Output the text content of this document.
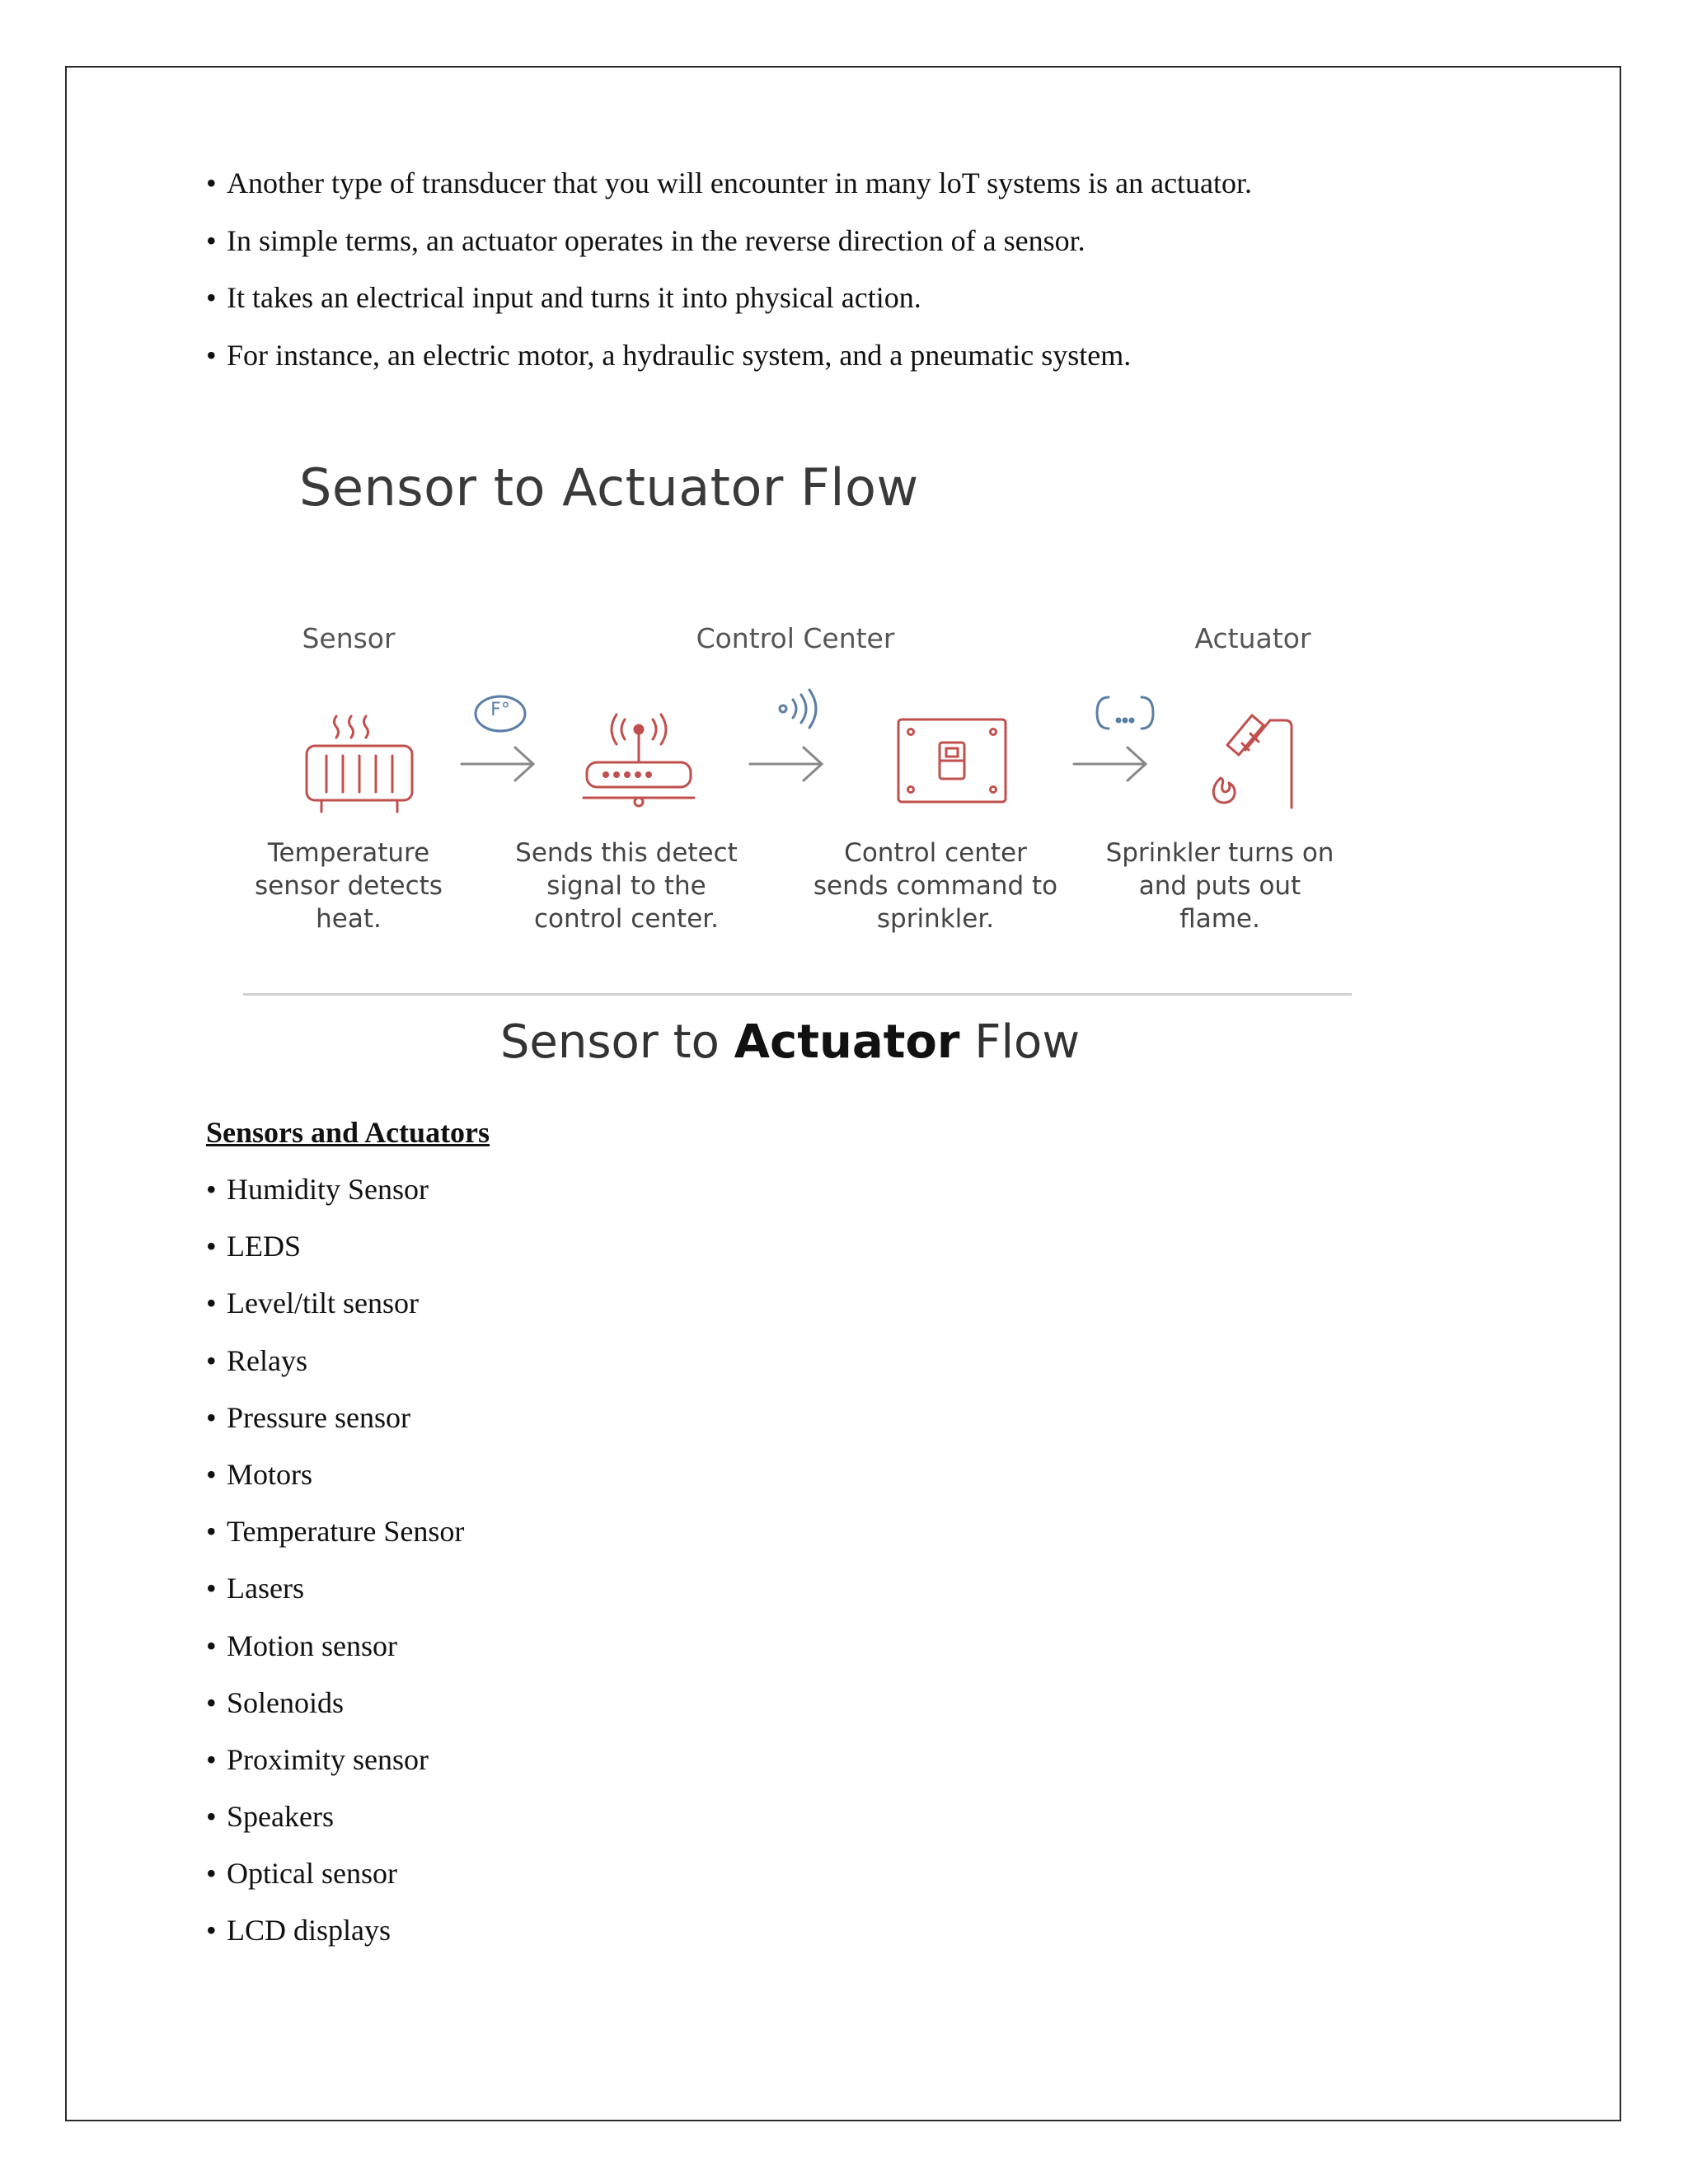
• Another type of transducer that you will encounter in many loT systems is an actuator.
• In simple terms, an actuator operates in the reverse direction of a sensor.
• It takes an electrical input and turns it into physical action.
• For instance, an electric motor, a hydraulic system, and a pneumatic system.
Sensor to Actuator Flow
Sensor	Control Center	Actuator
F°
Temperature sensor detects heat.
Sends this detect signal to the control center.
Control center sends command to sprinkler.
Sprinkler turns on and puts out flame.
Sensor to Actuator Flow
Sensors and Actuators
• Humidity Sensor
• LEDS
• Level/tilt sensor
• Relays
• Pressure sensor
• Motors
• Temperature Sensor
• Lasers
• Motion sensor
• Solenoids
• Proximity sensor
• Speakers
• Optical sensor
• LCD displays
